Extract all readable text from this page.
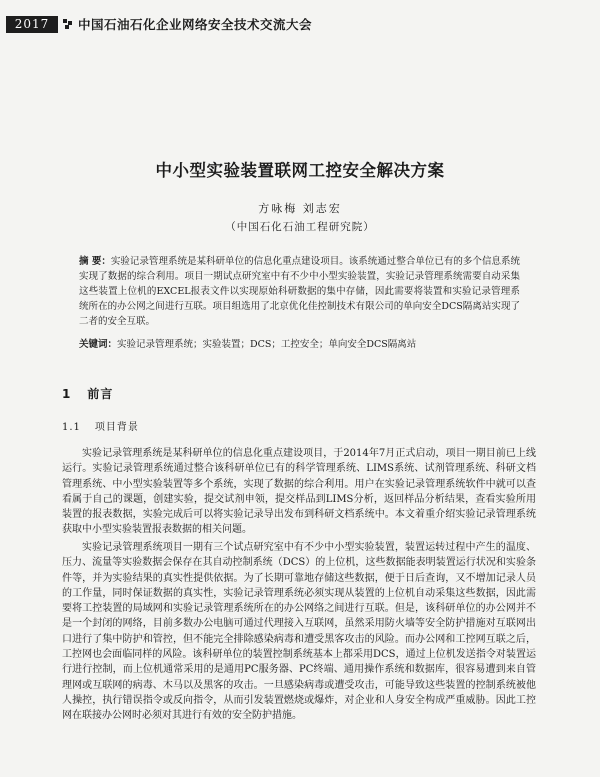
2017	中国石油石化企业网络安全技术交流大会
中小型实验装置联网工控安全解决方案
方咏梅 刘志宏
（中国石化石油工程研究院）
摘 要：实验记录管理系统是某科研单位的信息化重点建设项目。该系统通过整合单位已有的多个信息系统实现了数据的综合利用。项目一期试点研究室中有不少中小型实验装置，实验记录管理系统需要自动采集这些装置上位机的EXCEL报表文件以实现原始科研数据的集中存储，因此需要将装置和实验记录管理系统所在的办公网之间进行互联。项目组选用了北京优化佳控制技术有限公司的单向安全DCS隔离站实现了二者的安全互联。
关键词：实验记录管理系统；实验装置；DCS；工控安全；单向安全DCS隔离站
1 前言
1.1 项目背景
实验记录管理系统是某科研单位的信息化重点建设项目，于2014年7月正式启动，项目一期目前已上线运行。实验记录管理系统通过整合该科研单位已有的科学管理系统、LIMS系统、试剂管理系统、科研文档管理系统、中小型实验装置等多个系统，实现了数据的综合利用。用户在实验记录管理系统软件中就可以查看属于自己的课题，创建实验，提交试剂申领，提交样品到LIMS分析，返回样品分析结果，查看实验所用装置的报表数据，实验完成后可以将实验记录导出发布到科研文档系统中。本文着重介绍实验记录管理系统获取中小型实验装置报表数据的相关问题。
实验记录管理系统项目一期有三个试点研究室中有不少中小型实验装置，装置运转过程中产生的温度、压力、流量等实验数据会保存在其自动控制系统（DCS）的上位机，这些数据能表明装置运行状况和实验条件等，并为实验结果的真实性提供依据。为了长期可靠地存储这些数据，便于日后查询，又不增加记录人员的工作量，同时保证数据的真实性，实验记录管理系统必须实现从装置的上位机自动采集这些数据，因此需要将工控装置的局域网和实验记录管理系统所在的办公网络之间进行互联。但是，该科研单位的办公网并不是一个封闭的网络，目前多数办公电脑可通过代理接入互联网，虽然采用防火墙等安全防护措施对互联网出口进行了集中防护和管控，但不能完全排除感染病毒和遭受黑客攻击的风险。而办公网和工控网互联之后，工控网也会面临同样的风险。该科研单位的装置控制系统基本上都采用DCS，通过上位机发送指令对装置运行进行控制，而上位机通常采用的是通用PC服务器、PC终端、通用操作系统和数据库，很容易遭到来自管理网或互联网的病毒、木马以及黑客的攻击。一旦感染病毒或遭受攻击，可能导致这些装置的控制系统被他人操控，执行错误指令或反向指令，从而引发装置燃烧或爆炸，对企业和人身安全构成严重威胁。因此工控网在联接办公网时必须对其进行有效的安全防护措施。
